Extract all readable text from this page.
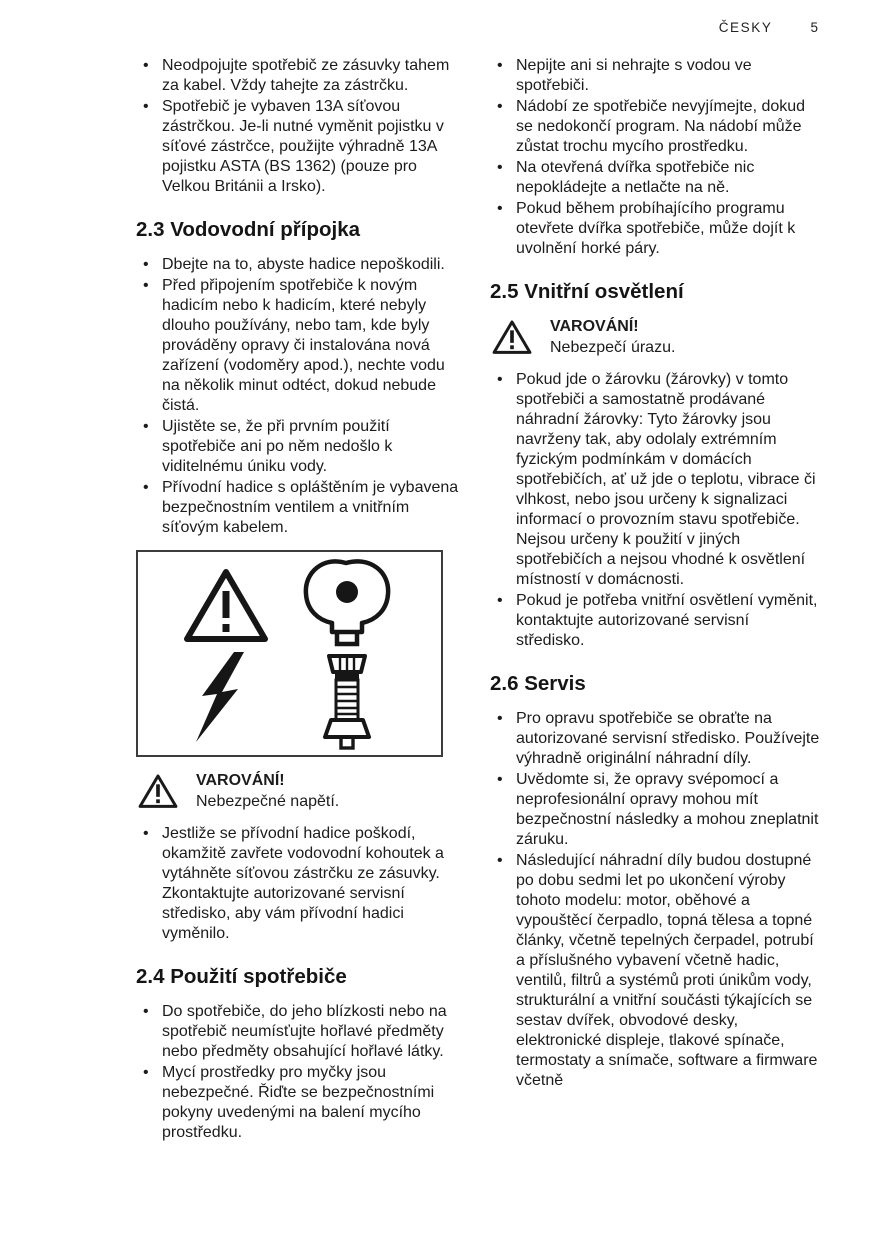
ČESKY	5
• Neodpojujte spotřebič ze zásuvky tahem za kabel. Vždy tahejte za zástrčku.
• Spotřebič je vybaven 13A síťovou zástrčkou. Je-li nutné vyměnit pojistku v síťové zástrčce, použijte výhradně 13A pojistku ASTA (BS 1362) (pouze pro Velkou Británii a Irsko).
2.3 Vodovodní přípojka
• Dbejte na to, abyste hadice nepoškodili.
• Před připojením spotřebiče k novým hadicím nebo k hadicím, které nebyly dlouho používány, nebo tam, kde byly prováděny opravy či instalována nová zařízení (vodoměry apod.), nechte vodu na několik minut odtéct, dokud nebude čistá.
• Ujistěte se, že při prvním použití spotřebiče ani po něm nedošlo k viditelnému úniku vody.
• Přívodní hadice s opláštěním je vybavena bezpečnostním ventilem a vnitřním síťovým kabelem.
VAROVÁNÍ!
Nebezpečné napětí.
• Jestliže se přívodní hadice poškodí, okamžitě zavřete vodovodní kohoutek a vytáhněte síťovou zástrčku ze zásuvky. Zkontaktujte autorizované servisní středisko, aby vám přívodní hadici vyměnilo.
2.4 Použití spotřebiče
• Do spotřebiče, do jeho blízkosti nebo na spotřebič neumísťujte hořlavé předměty nebo předměty obsahující hořlavé látky.
• Mycí prostředky pro myčky jsou nebezpečné. Řiďte se bezpečnostními pokyny uvedenými na balení mycího prostředku.
• Nepijte ani si nehrajte s vodou ve spotřebiči.
• Nádobí ze spotřebiče nevyjímejte, dokud se nedokončí program. Na nádobí může zůstat trochu mycího prostředku.
• Na otevřená dvířka spotřebiče nic nepokládejte a netlačte na ně.
• Pokud během probíhajícího programu otevřete dvířka spotřebiče, může dojít k uvolnění horké páry.
2.5 Vnitřní osvětlení
VAROVÁNÍ!
Nebezpečí úrazu.
• Pokud jde o žárovku (žárovky) v tomto spotřebiči a samostatně prodávané náhradní žárovky: Tyto žárovky jsou navrženy tak, aby odolaly extrémním fyzickým podmínkám v domácích spotřebičích, ať už jde o teplotu, vibrace či vlhkost, nebo jsou určeny k signalizaci informací o provozním stavu spotřebiče. Nejsou určeny k použití v jiných spotřebičích a nejsou vhodné k osvětlení místností v domácnosti.
• Pokud je potřeba vnitřní osvětlení vyměnit, kontaktujte autorizované servisní středisko.
2.6 Servis
• Pro opravu spotřebiče se obraťte na autorizované servisní středisko. Používejte výhradně originální náhradní díly.
• Uvědomte si, že opravy svépomocí a neprofesionální opravy mohou mít bezpečnostní následky a mohou zneplatnit záruku.
• Následující náhradní díly budou dostupné po dobu sedmi let po ukončení výroby tohoto modelu: motor, oběhové a vypouštěcí čerpadlo, topná tělesa a topné články, včetně tepelných čerpadel, potrubí a příslušného vybavení včetně hadic, ventilů, filtrů a systémů proti únikům vody, strukturální a vnitřní součásti týkajících se sestav dvířek, obvodové desky, elektronické displeje, tlakové spínače, termostaty a snímače, software a firmware včetně
